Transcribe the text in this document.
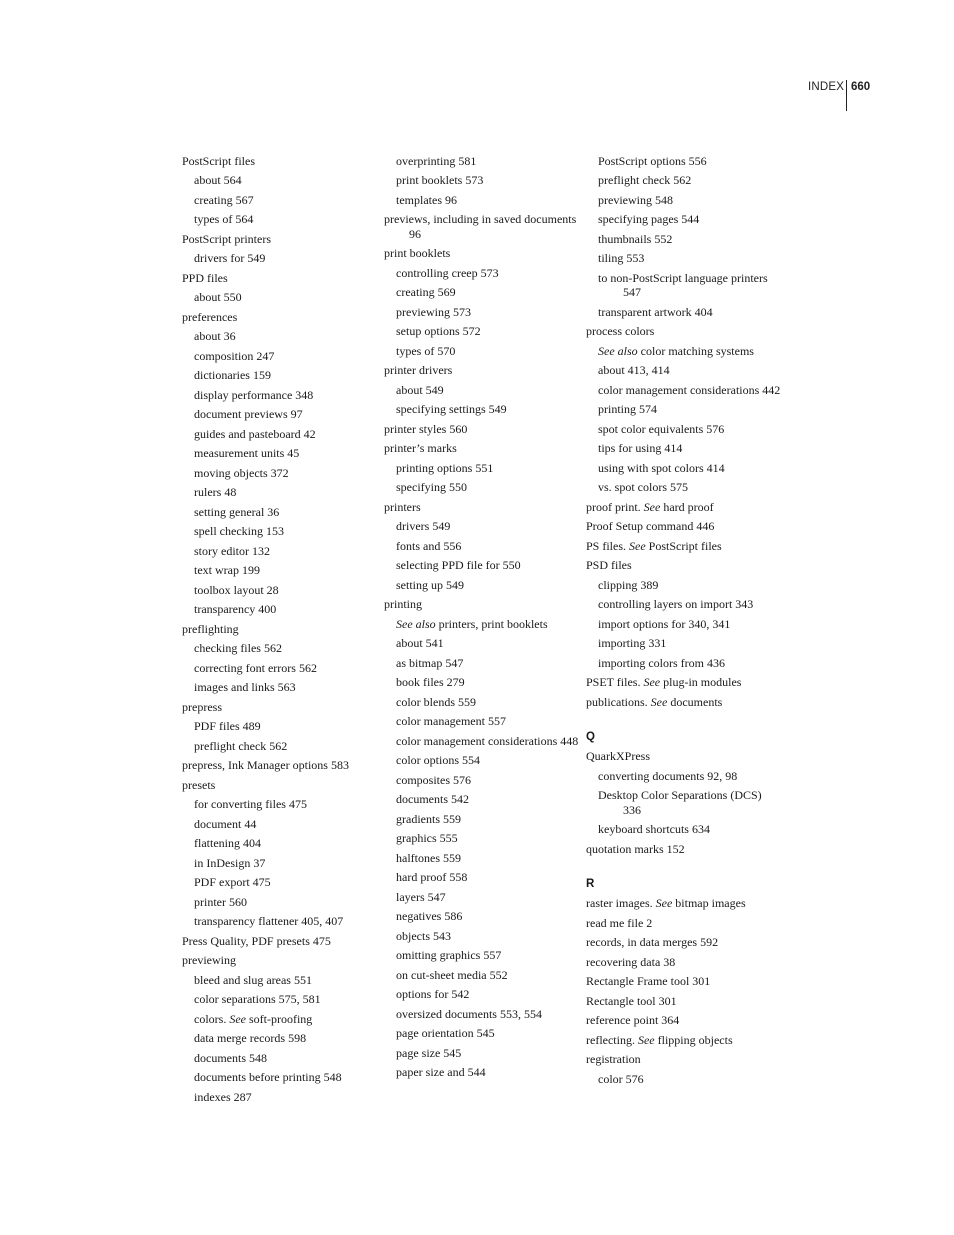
INDEX 660
PostScript files
about 564
creating 567
types of 564
PostScript printers
drivers for 549
PPD files
about 550
preferences
about 36
composition 247
dictionaries 159
display performance 348
document previews 97
guides and pasteboard 42
measurement units 45
moving objects 372
rulers 48
setting general 36
spell checking 153
story editor 132
text wrap 199
toolbox layout 28
transparency 400
preflighting
checking files 562
correcting font errors 562
images and links 563
prepress
PDF files 489
preflight check 562
prepress, Ink Manager options 583
presets
for converting files 475
document 44
flattening 404
in InDesign 37
PDF export 475
printer 560
transparency flattener 405, 407
Press Quality, PDF presets 475
previewing
bleed and slug areas 551
color separations 575, 581
colors. See soft-proofing
data merge records 598
documents 548
documents before printing 548
indexes 287
overprinting 581
print booklets 573
templates 96
previews, including in saved documents 96
print booklets
controlling creep 573
creating 569
previewing 573
setup options 572
types of 570
printer drivers
about 549
specifying settings 549
printer styles 560
printer’s marks
printing options 551
specifying 550
printers
drivers 549
fonts and 556
selecting PPD file for 550
setting up 549
printing
See also printers, print booklets
about 541
as bitmap 547
book files 279
color blends 559
color management 557
color management considerations 448
color options 554
composites 576
documents 542
gradients 559
graphics 555
halftones 559
hard proof 558
layers 547
negatives 586
objects 543
omitting graphics 557
on cut-sheet media 552
options for 542
oversized documents 553, 554
page orientation 545
page size 545
paper size and 544
PostScript options 556
preflight check 562
previewing 548
specifying pages 544
thumbnails 552
tiling 553
to non-PostScript language printers 547
transparent artwork 404
process colors
See also color matching systems
about 413, 414
color management considerations 442
printing 574
spot color equivalents 576
tips for using 414
using with spot colors 414
vs. spot colors 575
proof print. See hard proof
Proof Setup command 446
PS files. See PostScript files
PSD files
clipping 389
controlling layers on import 343
import options for 340, 341
importing 331
importing colors from 436
PSET files. See plug-in modules
publications. See documents
Q
QuarkXPress
converting documents 92, 98
Desktop Color Separations (DCS) 336
keyboard shortcuts 634
quotation marks 152
R
raster images. See bitmap images
read me file 2
records, in data merges 592
recovering data 38
Rectangle Frame tool 301
Rectangle tool 301
reference point 364
reflecting. See flipping objects
registration
color 576
